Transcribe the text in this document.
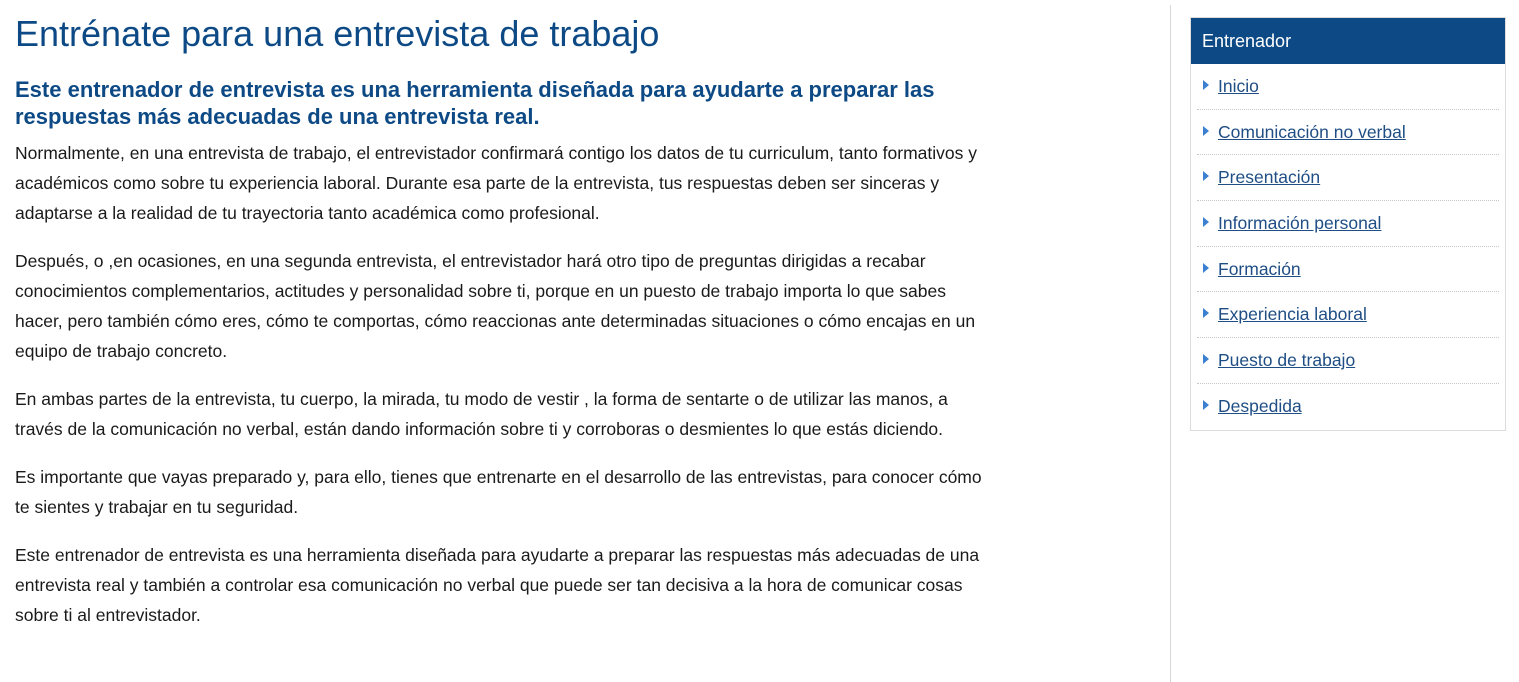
Entrénate para una entrevista de trabajo
Este entrenador de entrevista es una herramienta diseñada para ayudarte a preparar las respuestas más adecuadas de una entrevista real.

Normalmente, en una entrevista de trabajo, el entrevistador confirmará contigo los datos de tu curriculum, tanto formativos y académicos como sobre tu experiencia laboral. Durante esa parte de la entrevista, tus respuestas deben ser sinceras y adaptarse a la realidad de tu trayectoria tanto académica como profesional.

Después, o ,en ocasiones, en una segunda entrevista, el entrevistador hará otro tipo de preguntas dirigidas a recabar conocimientos complementarios, actitudes y personalidad sobre ti, porque en un puesto de trabajo importa lo que sabes hacer, pero también cómo eres, cómo te comportas, cómo reaccionas ante determinadas situaciones o cómo encajas en un equipo de trabajo concreto.

En ambas partes de la entrevista, tu cuerpo, la mirada, tu modo de vestir , la forma de sentarte o de utilizar las manos, a través de la comunicación no verbal, están dando información sobre ti y corroboras o desmientes lo que estás diciendo.

Es importante que vayas preparado y, para ello, tienes que entrenarte en el desarrollo de las entrevistas, para conocer cómo te sientes y trabajar en tu seguridad.

Este entrenador de entrevista es una herramienta diseñada para ayudarte a preparar las respuestas más adecuadas de una entrevista real y también a controlar esa comunicación no verbal que puede ser tan decisiva a la hora de comunicar cosas sobre ti al entrevistador.

Entrenador
Inicio
Comunicación no verbal
Presentación
Información personal
Formación
Experiencia laboral
Puesto de trabajo
Despedida
